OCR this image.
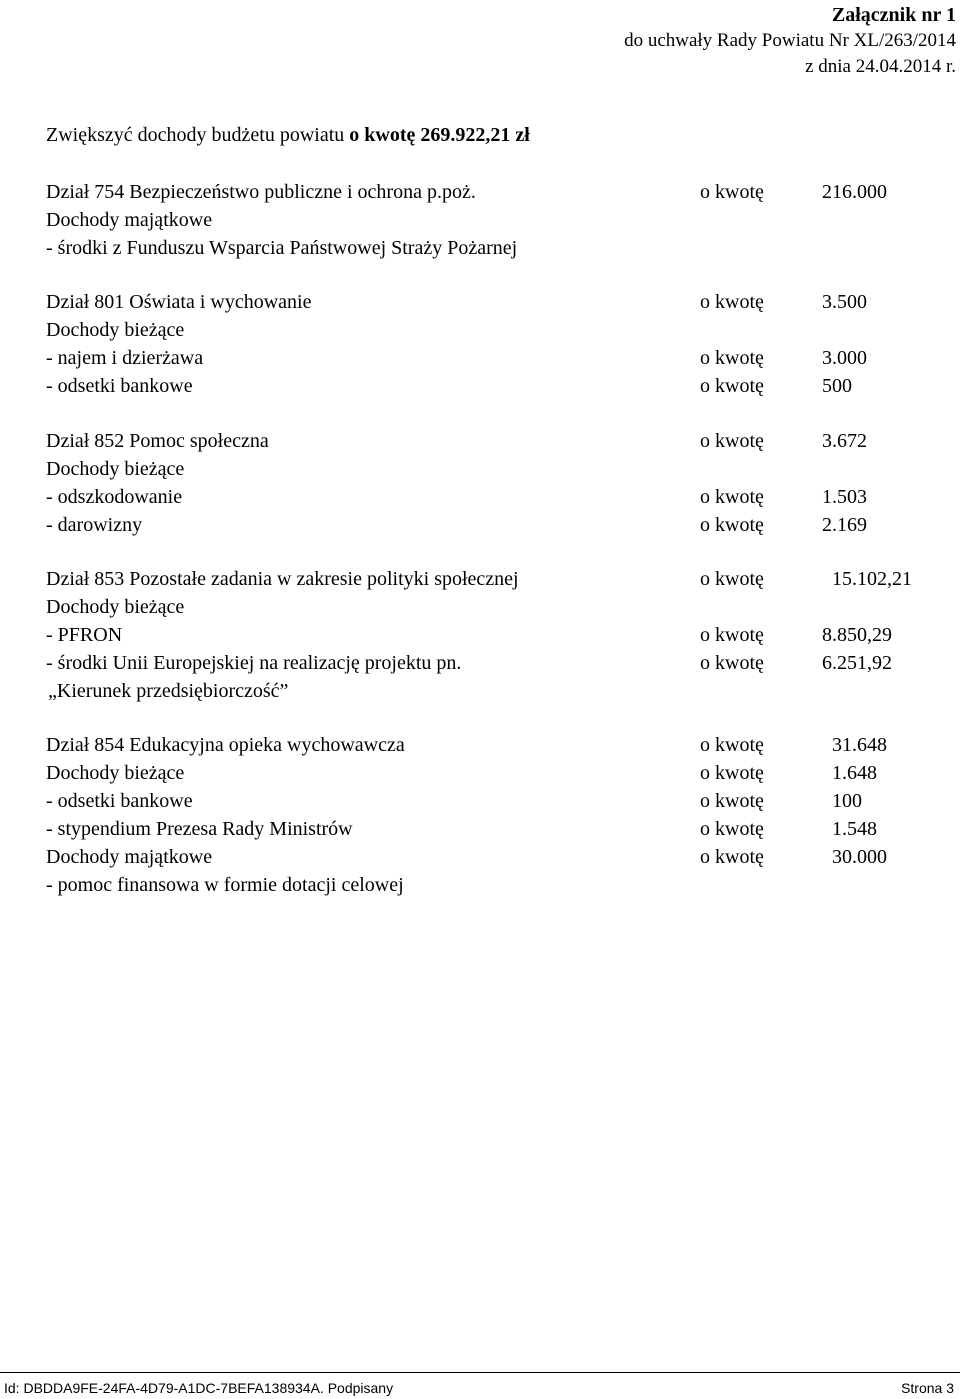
Załącznik nr 1
do uchwały Rady Powiatu Nr XL/263/2014
z dnia 24.04.2014 r.
Zwiększyć dochody budżetu powiatu o kwotę 269.922,21 zł
Dział 754 Bezpieczeństwo publiczne i ochrona p.poż.	o kwotę	216.000
Dochody majątkowe
- środki z Funduszu Wsparcia Państwowej Straży Pożarnej
Dział 801 Oświata i wychowanie	o kwotę	3.500
Dochody bieżące
- najem i dzierżawa	o kwotę	3.000
- odsetki bankowe	o kwotę	500
Dział 852 Pomoc społeczna	o kwotę	3.672
Dochody bieżące
- odszkodowanie	o kwotę	1.503
- darowizny	o kwotę	2.169
Dział 853 Pozostałe zadania w zakresie polityki społecznej	o kwotę	15.102,21
Dochody bieżące
- PFRON	o kwotę	8.850,29
- środki Unii Europejskiej na realizację projektu pn.	o kwotę	6.251,92
„Kierunek przedsiębiorczość”
Dział 854 Edukacyjna opieka wychowawcza	o kwotę	31.648
Dochody bieżące	o kwotę	1.648
- odsetki bankowe	o kwotę	100
- stypendium Prezesa Rady Ministrów	o kwotę	1.548
Dochody majątkowe	o kwotę	30.000
- pomoc finansowa w formie dotacji celowej
Id: DBDDA9FE-24FA-4D79-A1DC-7BEFA138934A. Podpisany	Strona 3
